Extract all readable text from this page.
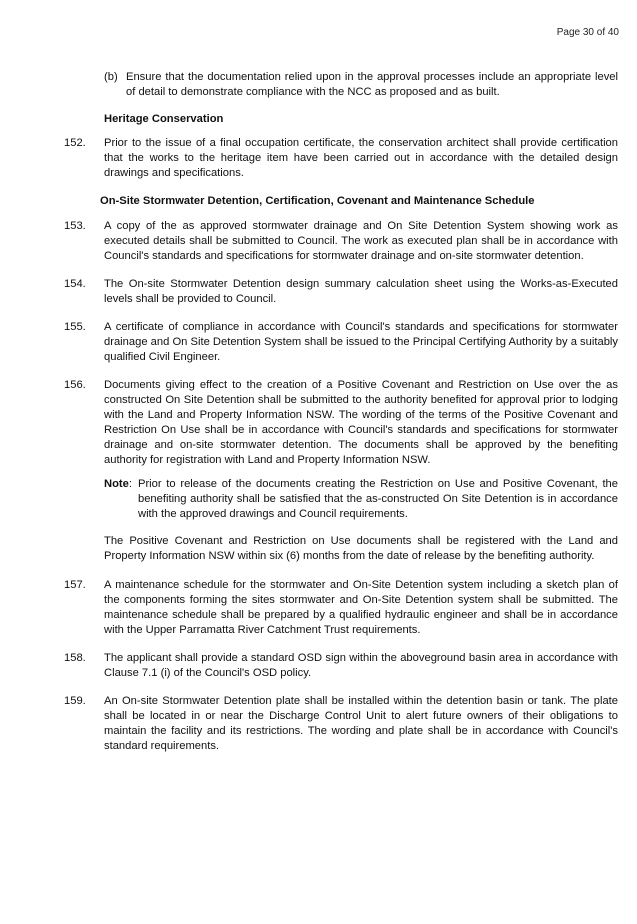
Page 30 of 40
(b) Ensure that the documentation relied upon in the approval processes include an appropriate level of detail to demonstrate compliance with the NCC as proposed and as built.
Heritage Conservation
152.	Prior to the issue of a final occupation certificate, the conservation architect shall provide certification that the works to the heritage item have been carried out in accordance with the detailed design drawings and specifications.
On-Site Stormwater Detention, Certification, Covenant and Maintenance Schedule
153.	A copy of the as approved stormwater drainage and On Site Detention System showing work as executed details shall be submitted to Council. The work as executed plan shall be in accordance with Council's standards and specifications for stormwater drainage and on-site stormwater detention.
154.	The On-site Stormwater Detention design summary calculation sheet using the Works-as-Executed levels shall be provided to Council.
155.	A certificate of compliance in accordance with Council's standards and specifications for stormwater drainage and On Site Detention System shall be issued to the Principal Certifying Authority by a suitably qualified Civil Engineer.
156.	Documents giving effect to the creation of a Positive Covenant and Restriction on Use over the as constructed On Site Detention shall be submitted to the authority benefited for approval prior to lodging with the Land and Property Information NSW. The wording of the terms of the Positive Covenant and Restriction On Use shall be in accordance with Council's standards and specifications for stormwater drainage and on-site stormwater detention. The documents shall be approved by the benefiting authority for registration with Land and Property Information NSW.
Note : Prior to release of the documents creating the Restriction on Use and Positive Covenant, the benefiting authority shall be satisfied that the as-constructed On Site Detention is in accordance with the approved drawings and Council requirements.
The Positive Covenant and Restriction on Use documents shall be registered with the Land and Property Information NSW within six (6) months from the date of release by the benefiting authority.
157.	A maintenance schedule for the stormwater and On-Site Detention system including a sketch plan of the components forming the sites stormwater and On-Site Detention system shall be submitted. The maintenance schedule shall be prepared by a qualified hydraulic engineer and shall be in accordance with the Upper Parramatta River Catchment Trust requirements.
158.	The applicant shall provide a standard OSD sign within the aboveground basin area in accordance with Clause 7.1 (i) of the Council's OSD policy.
159.	An On-site Stormwater Detention plate shall be installed within the detention basin or tank. The plate shall be located in or near the Discharge Control Unit to alert future owners of their obligations to maintain the facility and its restrictions. The wording and plate shall be in accordance with Council's standard requirements.
